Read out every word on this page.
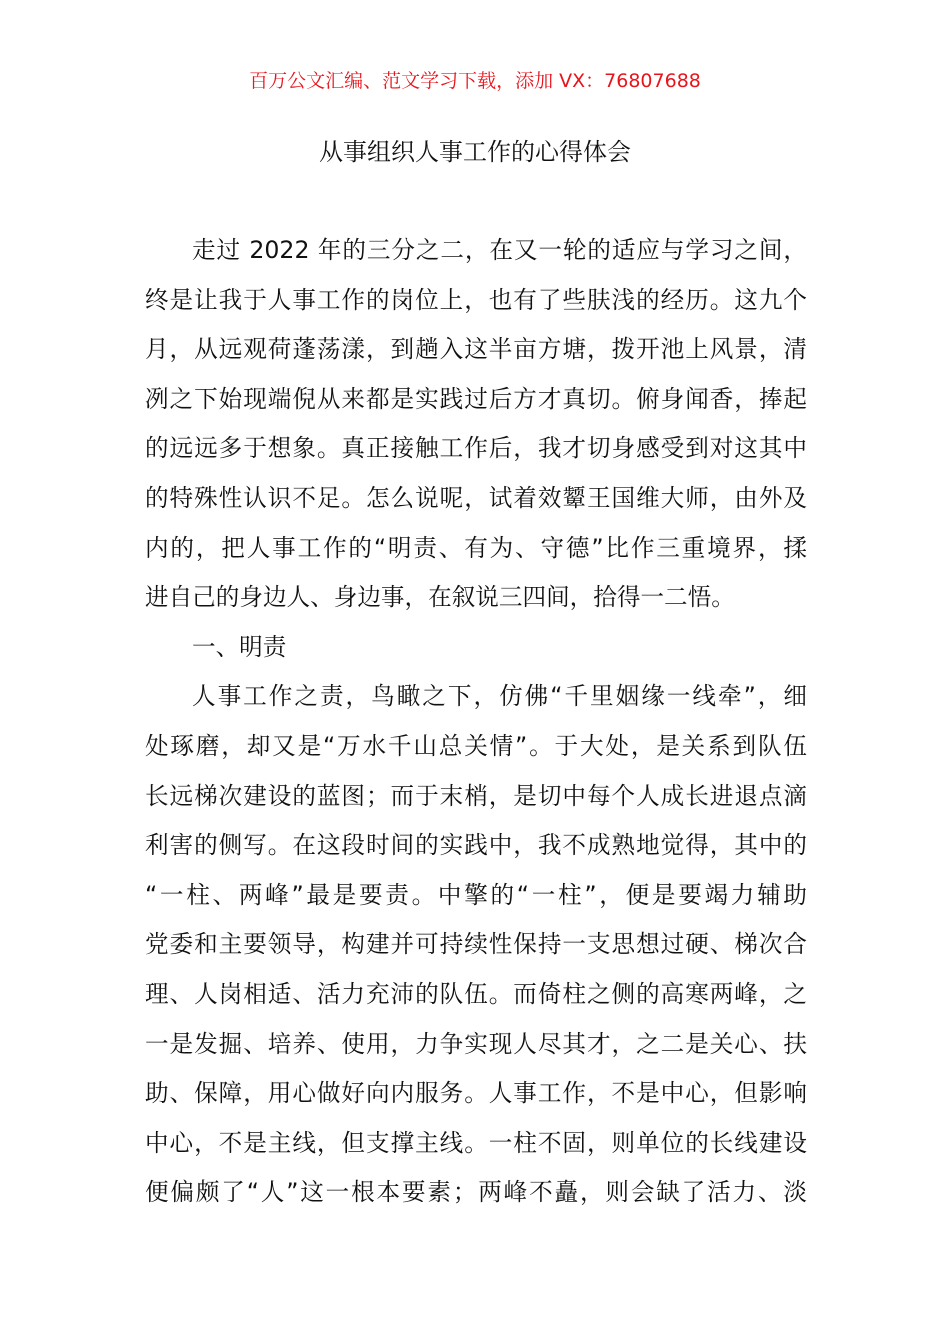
百万公文汇编、范文学习下载，添加 VX：76807688
从事组织人事工作的心得体会
走过 2022 年的三分之二，在又一轮的适应与学习之间，
终是让我于人事工作的岗位上，也有了些肤浅的经历。这九个
月，从远观荷蓬荡漾，到趟入这半亩方塘，拨开池上风景，清
冽之下始现端倪从来都是实践过后方才真切。俯身闻香，捧起
的远远多于想象。真正接触工作后，我才切身感受到对这其中
的特殊性认识不足。怎么说呢，试着效颦王国维大师，由外及
内的，把人事工作的“明责、有为、守德”比作三重境界，揉
进自己的身边人、身边事，在叙说三四间，拾得一二悟。
一、明责
人事工作之责，鸟瞰之下，仿佛“千里姻缘一线牵”，细
处琢磨，却又是“万水千山总关情”。于大处，是关系到队伍
长远梯次建设的蓝图；而于末梢，是切中每个人成长进退点滴
利害的侧写。在这段时间的实践中，我不成熟地觉得，其中的
“一柱、两峰”最是要责。中擎的“一柱”，便是要竭力辅助
党委和主要领导，构建并可持续性保持一支思想过硬、梯次合
理、人岗相适、活力充沛的队伍。而倚柱之侧的高寒两峰，之
一是发掘、培养、使用，力争实现人尽其才，之二是关心、扶
助、保障，用心做好向内服务。人事工作，不是中心，但影响
中心，不是主线，但支撑主线。一柱不固，则单位的长线建设
便偏颇了“人”这一根本要素；两峰不矗，则会缺了活力、淡
